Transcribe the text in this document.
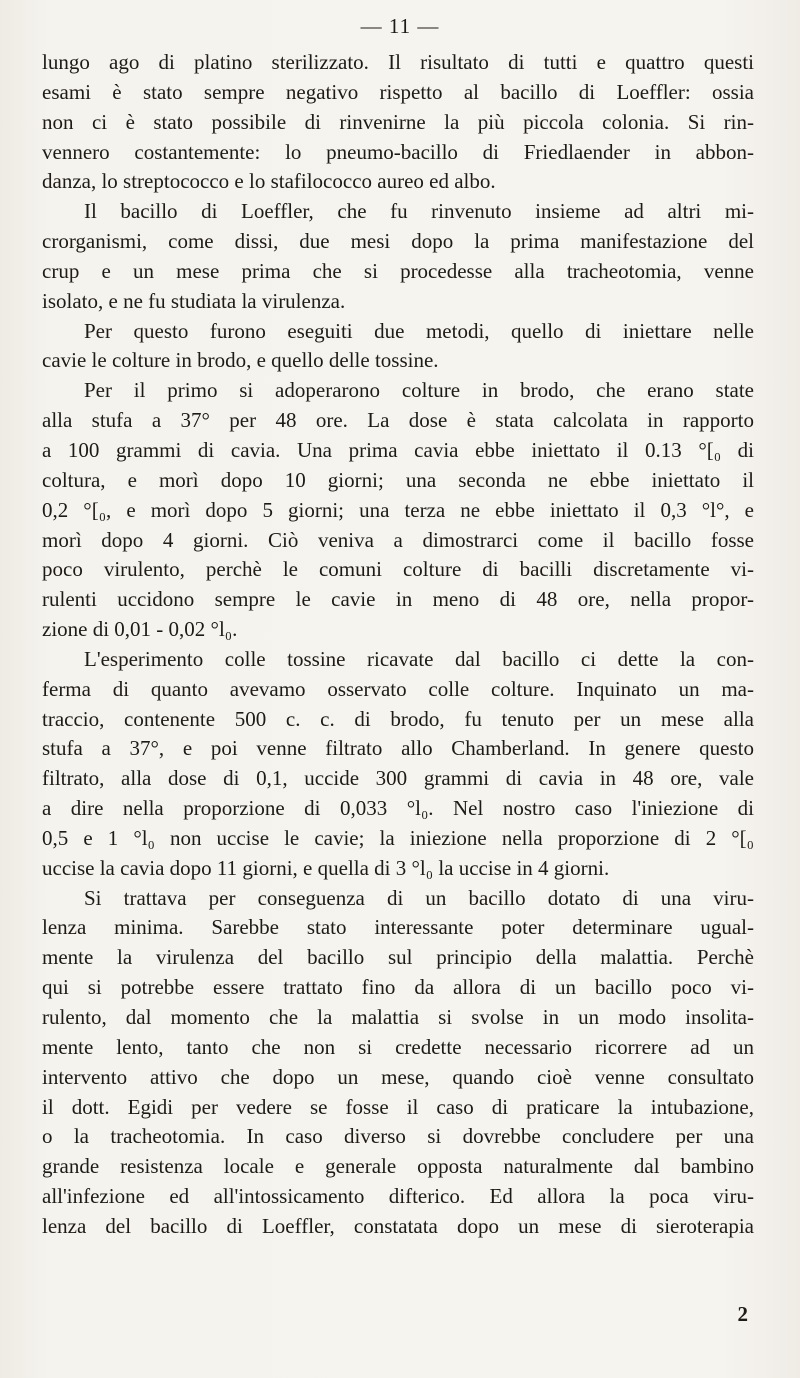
— 11 —
lungo ago di platino sterilizzato. Il risultato di tutti e quattro questi
esami è stato sempre negativo rispetto al bacillo di Loeffler: ossia
non ci è stato possibile di rinvenirne la più piccola colonia. Si rin-
vennero costantemente: lo pneumo-bacillo di Friedlaender in abbon-
danza, lo streptococco e lo stafilococco aureo ed albo.
Il bacillo di Loeffler, che fu rinvenuto insieme ad altri mi-
crorganismi, come dissi, due mesi dopo la prima manifestazione del
crup e un mese prima che si procedesse alla tracheotomia, venne
isolato, e ne fu studiata la virulenza.
Per questo furono eseguiti due metodi, quello di iniettare nelle
cavie le colture in brodo, e quello delle tossine.
Per il primo si adoperarono colture in brodo, che erano state
alla stufa a 37° per 48 ore. La dose è stata calcolata in rapporto
a 100 grammi di cavia. Una prima cavia ebbe iniettato il 0.13 °[₀ di
coltura, e morì dopo 10 giorni; una seconda ne ebbe iniettato il
0,2 °[₀, e morì dopo 5 giorni; una terza ne ebbe iniettato il 0,3 °l°, e
morì dopo 4 giorni. Ciò veniva a dimostrarci come il bacillo fosse
poco virulento, perchè le comuni colture di bacilli discretamente vi-
rulenti uccidono sempre le cavie in meno di 48 ore, nella propor-
zione di 0,01 - 0,02 °l₀.
L'esperimento colle tossine ricavate dal bacillo ci dette la con-
ferma di quanto avevamo osservato colle colture. Inquinato un ma-
traccio, contenente 500 c. c. di brodo, fu tenuto per un mese alla
stufa a 37°, e poi venne filtrato allo Chamberland. In genere questo
filtrato, alla dose di 0,1, uccide 300 grammi di cavia in 48 ore, vale
a dire nella proporzione di 0,033 °l₀. Nel nostro caso l'iniezione di
0,5 e 1 °l₀ non uccise le cavie; la iniezione nella proporzione di 2 °[₀
uccise la cavia dopo 11 giorni, e quella di 3 °l₀ la uccise in 4 giorni.
Si trattava per conseguenza di un bacillo dotato di una viru-
lenza minima. Sarebbe stato interessante poter determinare ugual-
mente la virulenza del bacillo sul principio della malattia. Perchè
qui si potrebbe essere trattato fino da allora di un bacillo poco vi-
rulento, dal momento che la malattia si svolse in un modo insolita-
mente lento, tanto che non si credette necessario ricorrere ad un
intervento attivo che dopo un mese, quando cioè venne consultato
il dott. Egidi per vedere se fosse il caso di praticare la intubazione,
o la tracheotomia. In caso diverso si dovrebbe concludere per una
grande resistenza locale e generale opposta naturalmente dal bambino
all'infezione ed all'intossicamento difterico. Ed allora la poca viru-
lenza del bacillo di Loeffler, constatata dopo un mese di sieroterapia
2
